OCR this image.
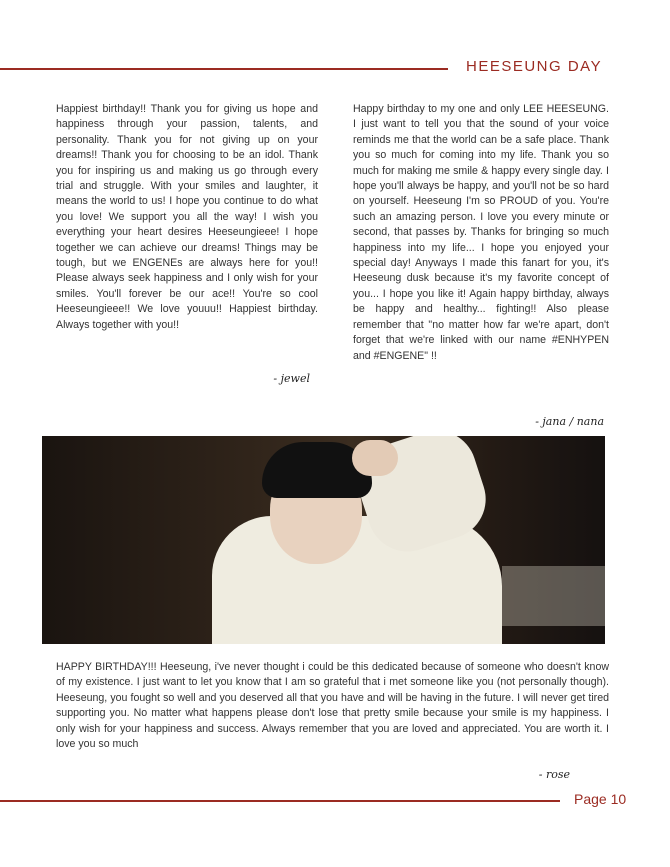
HEESEUNG DAY
Happiest birthday!! Thank you for giving us hope and happiness through your passion, talents, and personality. Thank you for not giving up on your dreams!! Thank you for choosing to be an idol. Thank you for inspiring us and making us go through every trial and struggle. With your smiles and laughter, it means the world to us! I hope you continue to do what you love! We support you all the way! I wish you everything your heart desires Heeseungieee! I hope together we can achieve our dreams! Things may be tough, but we ENGENEs are always here for you!! Please always seek happiness and I only wish for your smiles. You'll forever be our ace!! You're so cool Heeseungieee!! We love youuu!! Happiest birthday. Always together with you!!
- jewel
Happy birthday to my one and only LEE HEESEUNG. I just want to tell you that the sound of your voice reminds me that the world can be a safe place. Thank you so much for coming into my life. Thank you so much for making me smile & happy every single day. I hope you'll always be happy, and you'll not be so hard on yourself. Heeseung I'm so PROUD of you. You're such an amazing person. I love you every minute or second, that passes by. Thanks for bringing so much happiness into my life... I hope you enjoyed your special day! Anyways I made this fanart for you, it's Heeseung dusk because it's my favorite concept of you... I hope you like it! Again happy birthday, always be happy and healthy... fighting!! Also please remember that "no matter how far we're apart, don't forget that we're linked with our name #ENHYPEN and #ENGENE" !!
- jana / nana
HAPPY BIRTHDAY!!! Heeseung, i've never thought i could be this dedicated because of someone who doesn't know of my existence. I just want to let you know that I am so grateful that i met someone like you (not personally though). Heeseung, you fought so well and you deserved all that you have and will be having in the future. I will never get tired supporting you. No matter what happens please don't lose that pretty smile because your smile is my happiness. I only wish for your happiness and success. Always remember that you are loved and appreciated. You are worth it. I love you so much
- rose
Page 10
